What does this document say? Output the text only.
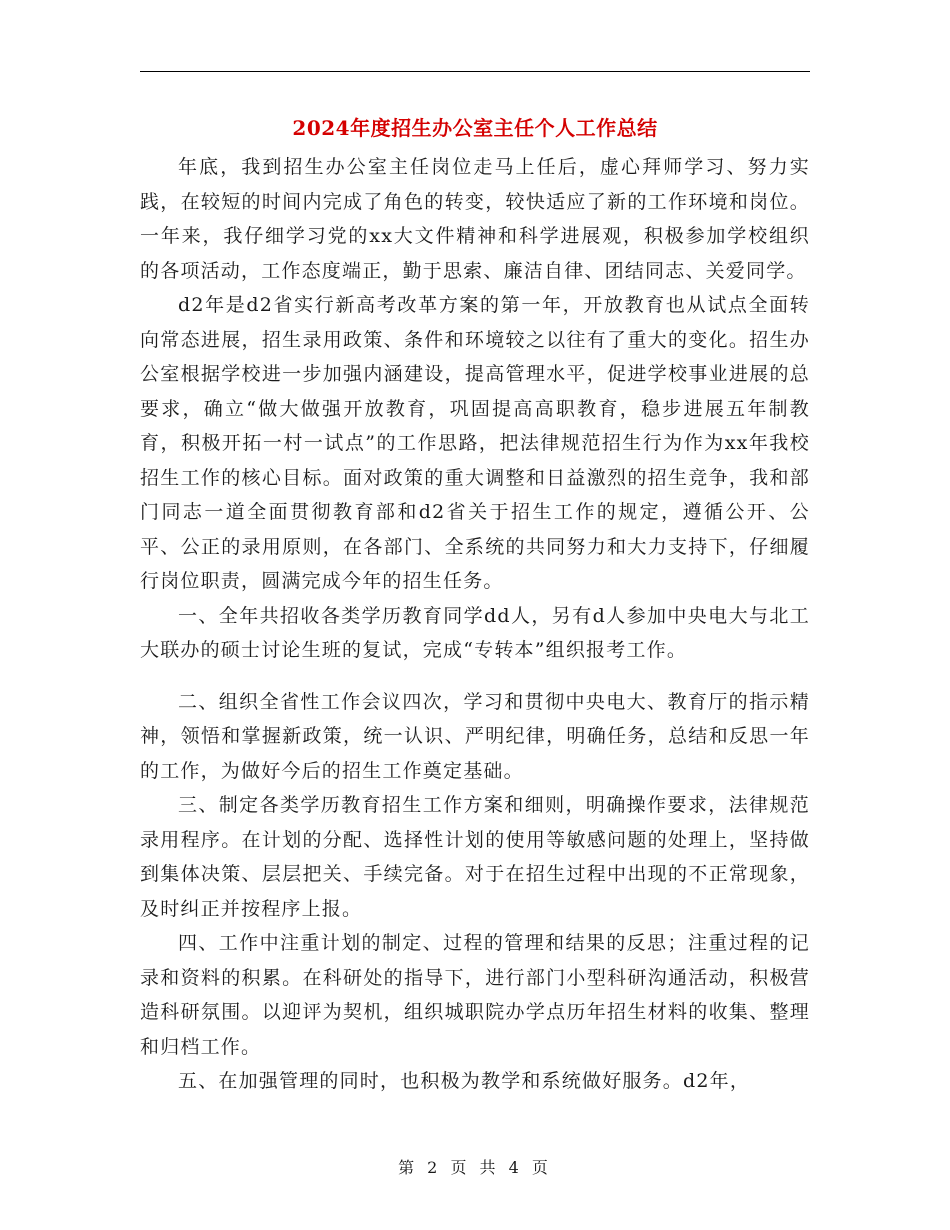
2024年度招生办公室主任个人工作总结

年底，我到招生办公室主任岗位走马上任后，虚心拜师学习、努力实践，在较短的时间内完成了角色的转变，较快适应了新的工作环境和岗位。一年来，我仔细学习党的xx大文件精神和科学进展观，积极参加学校组织的各项活动，工作态度端正，勤于思索、廉洁自律、团结同志、关爱同学。

d2年是d2省实行新高考改革方案的第一年，开放教育也从试点全面转向常态进展，招生录用政策、条件和环境较之以往有了重大的变化。招生办公室根据学校进一步加强内涵建设，提高管理水平，促进学校事业进展的总要求，确立“做大做强开放教育，巩固提高高职教育，稳步进展五年制教育，积极开拓一村一试点”的工作思路，把法律规范招生行为作为xx年我校招生工作的核心目标。面对政策的重大调整和日益激烈的招生竞争，我和部门同志一道全面贯彻教育部和d2省关于招生工作的规定，遵循公开、公平、公正的录用原则，在各部门、全系统的共同努力和大力支持下，仔细履行岗位职责，圆满完成今年的招生任务。

一、全年共招收各类学历教育同学dd人，另有d人参加中央电大与北工大联办的硕士讨论生班的复试，完成“专转本”组织报考工作。

二、组织全省性工作会议四次，学习和贯彻中央电大、教育厅的指示精神，领悟和掌握新政策，统一认识、严明纪律，明确任务，总结和反思一年的工作，为做好今后的招生工作奠定基础。

三、制定各类学历教育招生工作方案和细则，明确操作要求，法律规范录用程序。在计划的分配、选择性计划的使用等敏感问题的处理上，坚持做到集体决策、层层把关、手续完备。对于在招生过程中出现的不正常现象，及时纠正并按程序上报。

四、工作中注重计划的制定、过程的管理和结果的反思；注重过程的记录和资料的积累。在科研处的指导下，进行部门小型科研沟通活动，积极营造科研氛围。以迎评为契机，组织城职院办学点历年招生材料的收集、整理和归档工作。

五、在加强管理的同时，也积极为教学和系统做好服务。d2年，

第 2 页 共 4 页
